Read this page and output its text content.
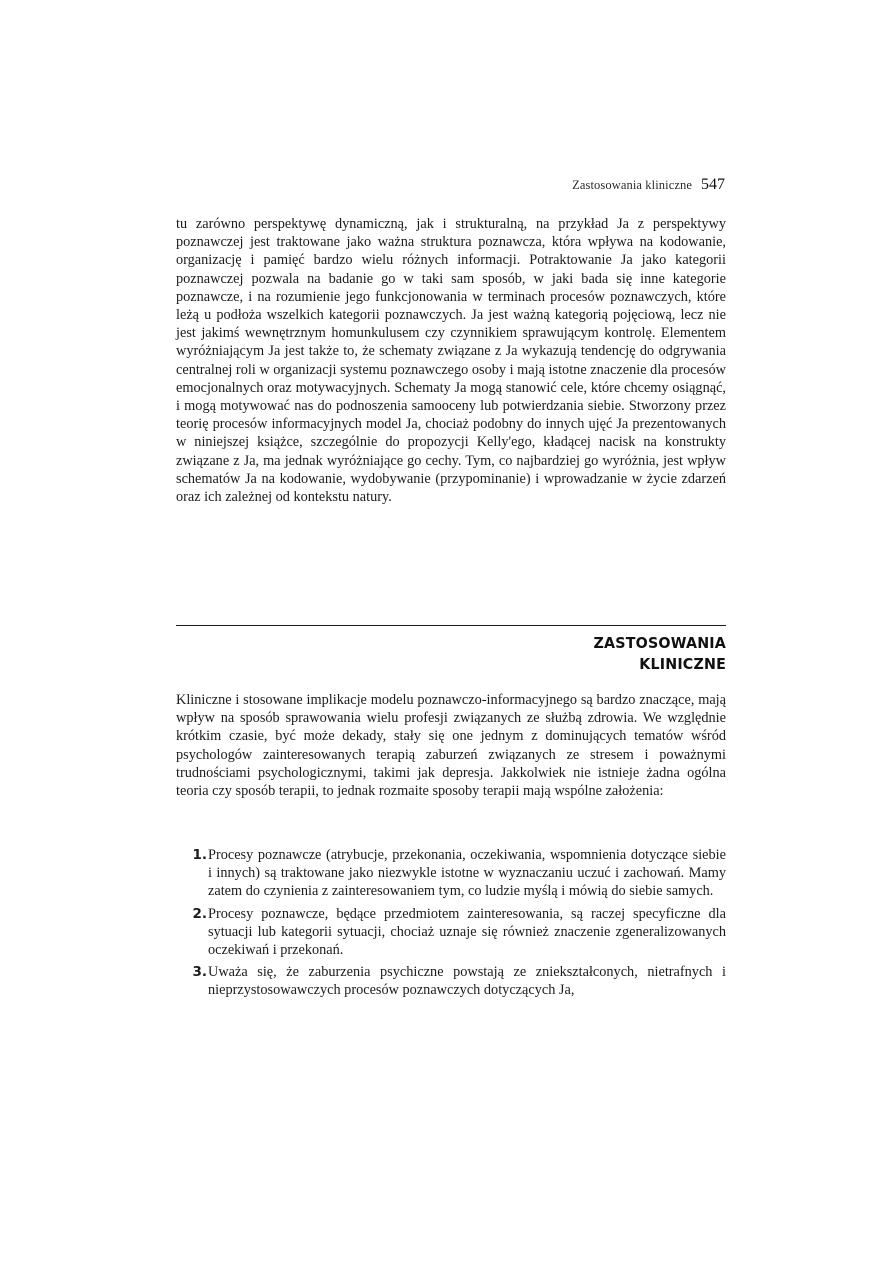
Zastosowania kliniczne 547

tu zarówno perspektywę dynamiczną, jak i strukturalną, na przykład Ja z perspektywy poznawczej jest traktowane jako ważna struktura poznawcza, która wpływa na kodowanie, organizację i pamięć bardzo wielu różnych informacji. Potraktowanie Ja jako kategorii poznawczej pozwala na badanie go w taki sam sposób, w jaki bada się inne kategorie poznawcze, i na rozumienie jego funkcjonowania w terminach procesów poznawczych, które leżą u podłoża wszelkich kategorii poznawczych. Ja jest ważną kategorią pojęciową, lecz nie jest jakimś wewnętrznym homunkulusem czy czynnikiem sprawującym kontrolę. Elementem wyróżniającym Ja jest także to, że schematy związane z Ja wykazują tendencję do odgrywania centralnej roli w organizacji systemu poznawczego osoby i mają istotne znaczenie dla procesów emocjonalnych oraz motywacyjnych. Schematy Ja mogą stanowić cele, które chcemy osiągnąć, i mogą motywować nas do podnoszenia samooceny lub potwierdzania siebie. Stworzony przez teorię procesów informacyjnych model Ja, chociaż podobny do innych ujęć Ja prezentowanych w niniejszej książce, szczególnie do propozycji Kelly'ego, kładącej nacisk na konstrukty związane z Ja, ma jednak wyróżniające go cechy. Tym, co najbardziej go wyróżnia, jest wpływ schematów Ja na kodowanie, wydobywanie (przypominanie) i wprowadzanie w życie zdarzeń oraz ich zależnej od kontekstu natury.

ZASTOSOWANIA
KLINICZNE

Kliniczne i stosowane implikacje modelu poznawczo-informacyjnego są bardzo znaczące, mają wpływ na sposób sprawowania wielu profesji związanych ze służbą zdrowia. We względnie krótkim czasie, być może dekady, stały się one jednym z dominujących tematów wśród psychologów zainteresowanych terapią zaburzeń związanych ze stresem i poważnymi trudnościami psychologicznymi, takimi jak depresja. Jakkolwiek nie istnieje żadna ogólna teoria czy sposób terapii, to jednak rozmaite sposoby terapii mają wspólne założenia:

1. Procesy poznawcze (atrybucje, przekonania, oczekiwania, wspomnienia dotyczące siebie i innych) są traktowane jako niezwykle istotne w wyznaczaniu uczuć i zachowań. Mamy zatem do czynienia z zainteresowaniem tym, co ludzie myślą i mówią do siebie samych.
2. Procesy poznawcze, będące przedmiotem zainteresowania, są raczej specyficzne dla sytuacji lub kategorii sytuacji, chociaż uznaje się również znaczenie zgeneralizowanych oczekiwań i przekonań.
3. Uważa się, że zaburzenia psychiczne powstają ze zniekształconych, nietrafnych i nieprzystosowawczych procesów poznawczych dotyczących Ja,
